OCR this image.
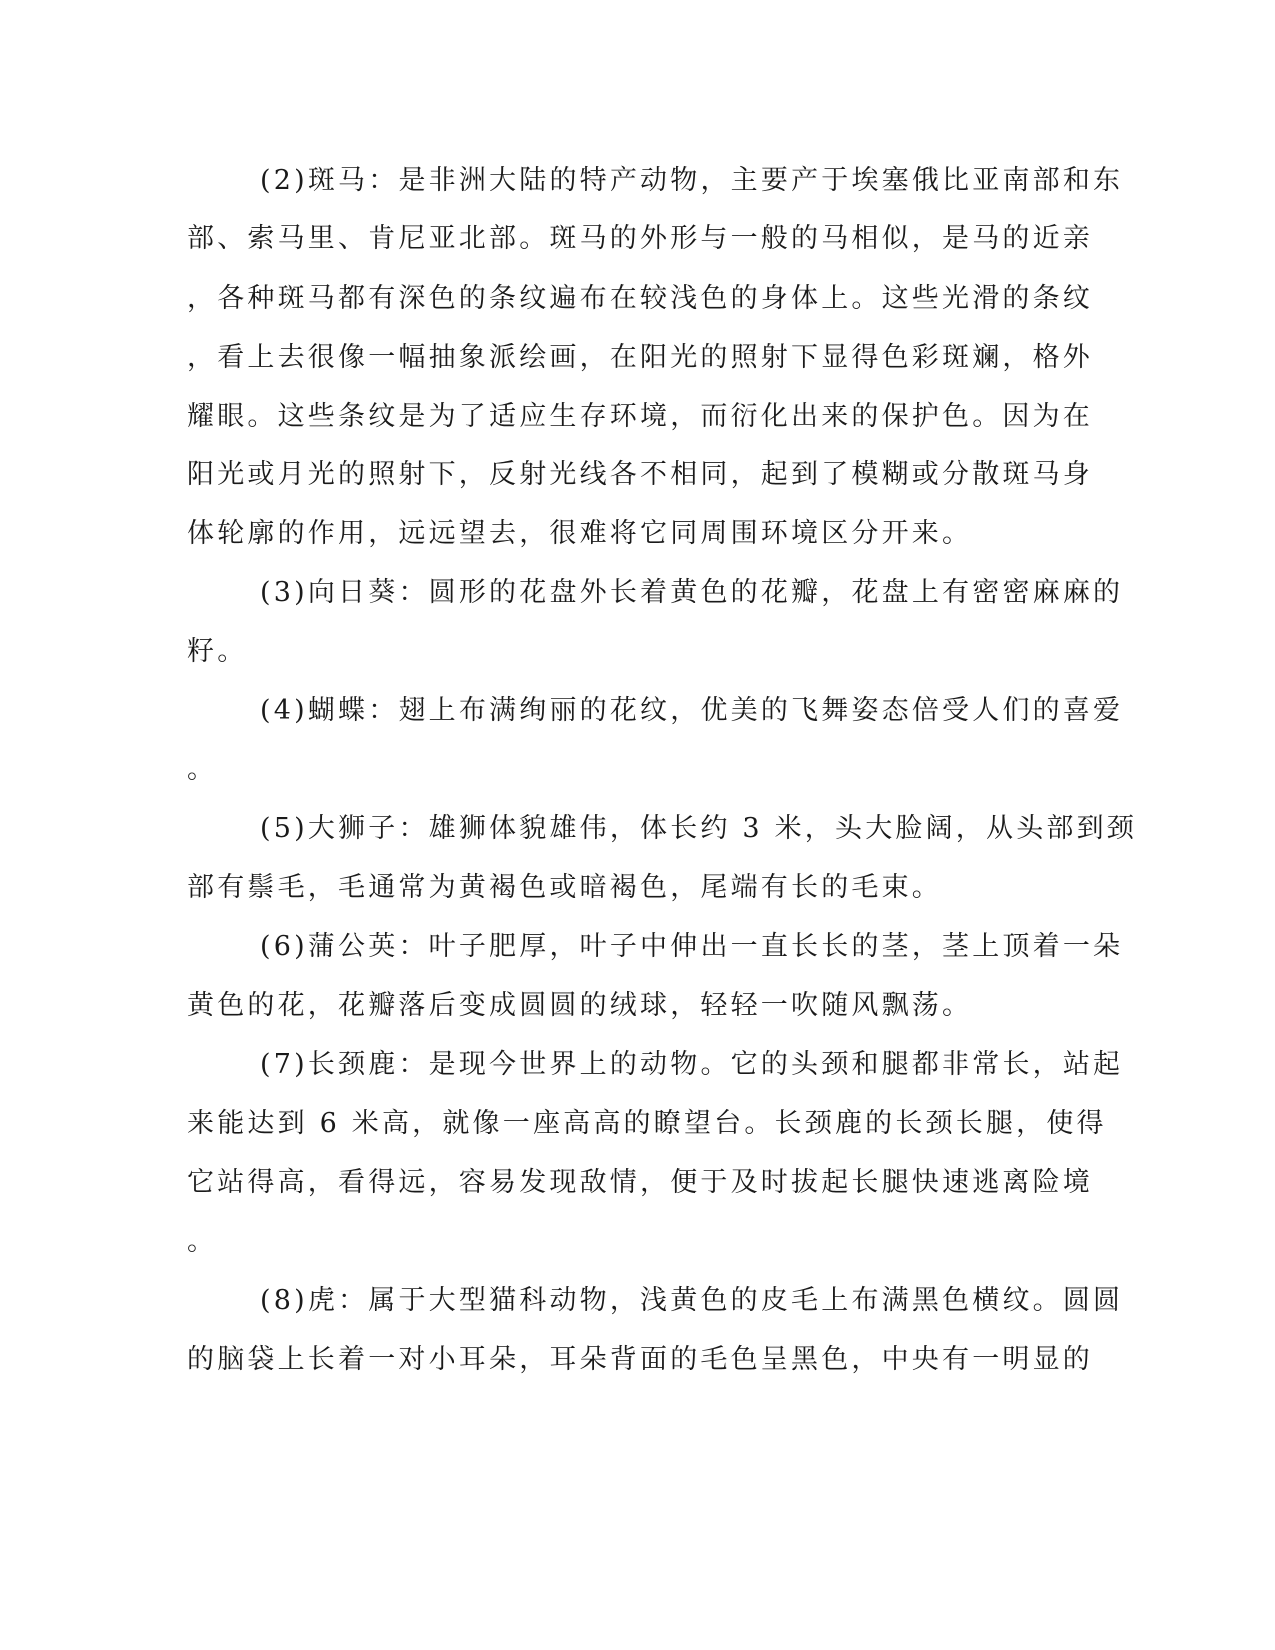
(2)斑马：是非洲大陆的特产动物，主要产于埃塞俄比亚南部和东
部、索马里、肯尼亚北部。斑马的外形与一般的马相似，是马的近亲
，各种斑马都有深色的条纹遍布在较浅色的身体上。这些光滑的条纹
，看上去很像一幅抽象派绘画，在阳光的照射下显得色彩斑斓，格外
耀眼。这些条纹是为了适应生存环境，而衍化出来的保护色。因为在
阳光或月光的照射下，反射光线各不相同，起到了模糊或分散斑马身
体轮廓的作用，远远望去，很难将它同周围环境区分开来。
(3)向日葵：圆形的花盘外长着黄色的花瓣，花盘上有密密麻麻的
籽。
(4)蝴蝶：翅上布满绚丽的花纹，优美的飞舞姿态倍受人们的喜爱
。
(5)大狮子：雄狮体貌雄伟，体长约 3 米，头大脸阔，从头部到颈
部有鬃毛，毛通常为黄褐色或暗褐色，尾端有长的毛束。
(6)蒲公英：叶子肥厚，叶子中伸出一直长长的茎，茎上顶着一朵
黄色的花，花瓣落后变成圆圆的绒球，轻轻一吹随风飘荡。
(7)长颈鹿：是现今世界上的动物。它的头颈和腿都非常长，站起
来能达到 6 米高，就像一座高高的瞭望台。长颈鹿的长颈长腿，使得
它站得高，看得远，容易发现敌情，便于及时拔起长腿快速逃离险境
。
(8)虎：属于大型猫科动物，浅黄色的皮毛上布满黑色横纹。圆圆
的脑袋上长着一对小耳朵，耳朵背面的毛色呈黑色，中央有一明显的
